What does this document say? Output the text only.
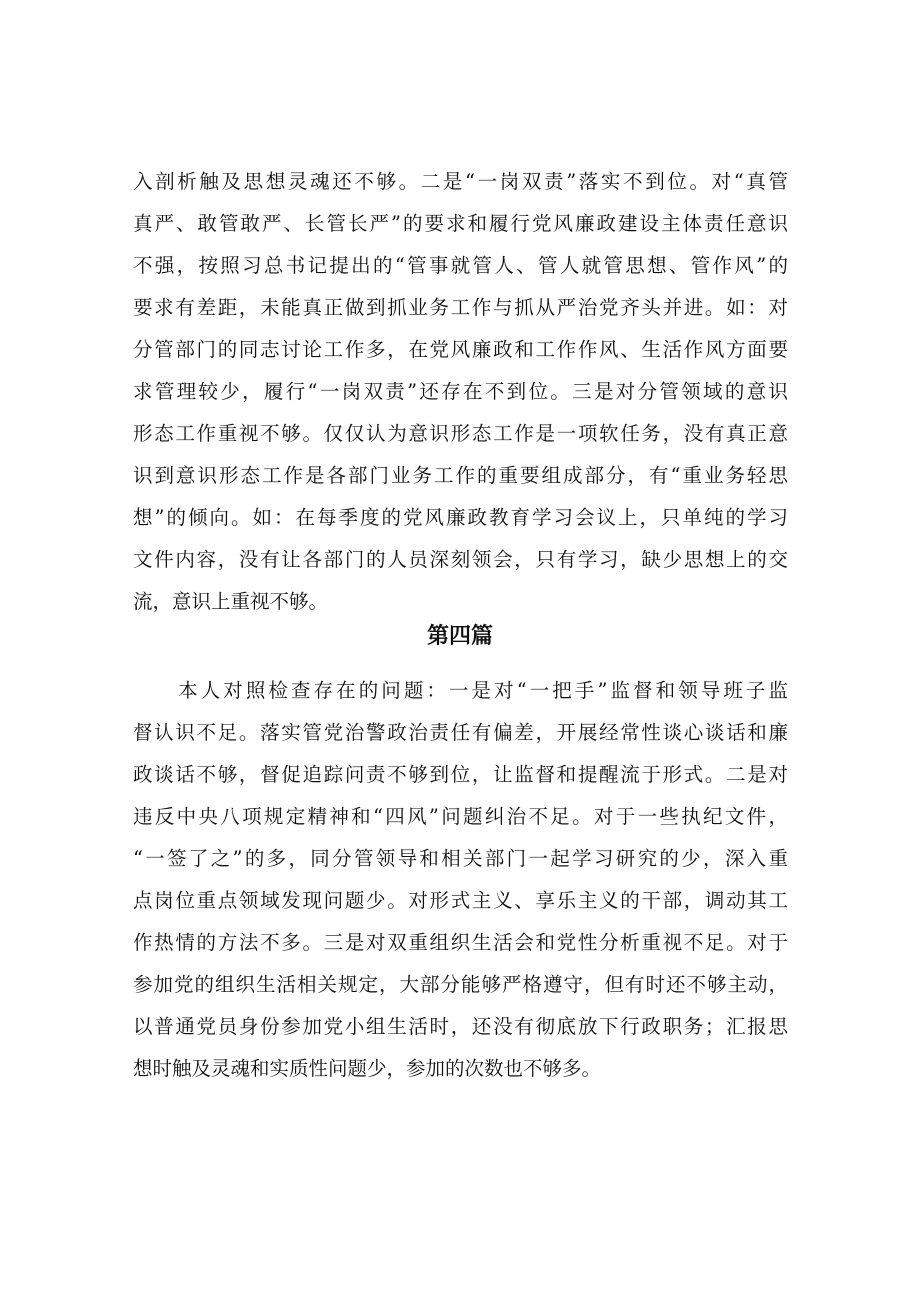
入剖析触及思想灵魂还不够。二是“一岗双责”落实不到位。对“真管
真严、敢管敢严、长管长严”的要求和履行党风廉政建设主体责任意识
不强，按照习总书记提出的“管事就管人、管人就管思想、管作风”的
要求有差距，未能真正做到抓业务工作与抓从严治党齐头并进。如：对
分管部门的同志讨论工作多，在党风廉政和工作作风、生活作风方面要
求管理较少，履行“一岗双责”还存在不到位。三是对分管领域的意识
形态工作重视不够。仅仅认为意识形态工作是一项软任务，没有真正意
识到意识形态工作是各部门业务工作的重要组成部分，有“重业务轻思
想”的倾向。如：在每季度的党风廉政教育学习会议上，只单纯的学习
文件内容，没有让各部门的人员深刻领会，只有学习，缺少思想上的交
流，意识上重视不够。
第四篇
　　本人对照检查存在的问题：一是对“一把手”监督和领导班子监
督认识不足。落实管党治警政治责任有偏差，开展经常性谈心谈话和廉
政谈话不够，督促追踪问责不够到位，让监督和提醒流于形式。二是对
违反中央八项规定精神和“四风”问题纠治不足。对于一些执纪文件，
“一签了之”的多，同分管领导和相关部门一起学习研究的少，深入重
点岗位重点领域发现问题少。对形式主义、享乐主义的干部，调动其工
作热情的方法不多。三是对双重组织生活会和党性分析重视不足。对于
参加党的组织生活相关规定，大部分能够严格遵守，但有时还不够主动，
以普通党员身份参加党小组生活时，还没有彻底放下行政职务；汇报思
想时触及灵魂和实质性问题少，参加的次数也不够多。
